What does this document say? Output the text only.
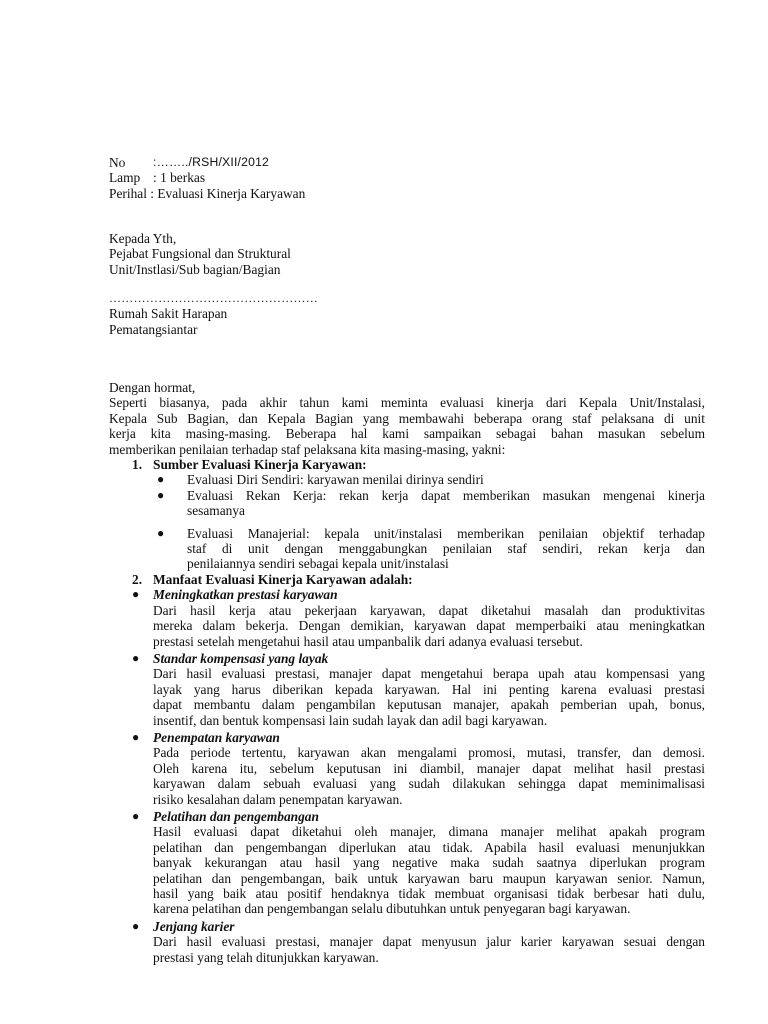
No	:……../RSH/XII/2012
Lamp : 1 berkas
Perihal : Evaluasi Kinerja Karyawan
Kepada Yth,
Pejabat Fungsional dan Struktural
Unit/Instlasi/Sub bagian/Bagian
……………………………………………
Rumah Sakit Harapan
Pematangsiantar
Dengan hormat,
Seperti biasanya, pada akhir tahun kami meminta evaluasi kinerja dari Kepala Unit/Instalasi,
Kepala Sub Bagian, dan Kepala Bagian yang membawahi beberapa orang staf pelaksana di unit
kerja kita masing-masing. Beberapa hal kami sampaikan sebagai bahan masukan sebelum
memberikan penilaian terhadap staf pelaksana kita masing-masing, yakni:
1. Sumber Evaluasi Kinerja Karyawan:
● Evaluasi Diri Sendiri: karyawan menilai dirinya sendiri
● Evaluasi Rekan Kerja: rekan kerja dapat memberikan masukan mengenai kinerja
sesamanya
● Evaluasi Manajerial: kepala unit/instalasi memberikan penilaian objektif terhadap
staf di unit dengan menggabungkan penilaian staf sendiri, rekan kerja dan
penilaiannya sendiri sebagai kepala unit/instalasi
2. Manfaat Evaluasi Kinerja Karyawan adalah:
● Meningkatkan prestasi karyawan
Dari hasil kerja atau pekerjaan karyawan, dapat diketahui masalah dan produktivitas
mereka dalam bekerja. Dengan demikian, karyawan dapat memperbaiki atau meningkatkan
prestasi setelah mengetahui hasil atau umpanbalik dari adanya evaluasi tersebut.
● Standar kompensasi yang layak
Dari hasil evaluasi prestasi, manajer dapat mengetahui berapa upah atau kompensasi yang
layak yang harus diberikan kepada karyawan. Hal ini penting karena evaluasi prestasi
dapat membantu dalam pengambilan keputusan manajer, apakah pemberian upah, bonus,
insentif, dan bentuk kompensasi lain sudah layak dan adil bagi karyawan.
● Penempatan karyawan
Pada periode tertentu, karyawan akan mengalami promosi, mutasi, transfer, dan demosi.
Oleh karena itu, sebelum keputusan ini diambil, manajer dapat melihat hasil prestasi
karyawan dalam sebuah evaluasi yang sudah dilakukan sehingga dapat meminimalisasi
risiko kesalahan dalam penempatan karyawan.
● Pelatihan dan pengembangan
Hasil evaluasi dapat diketahui oleh manajer, dimana manajer melihat apakah program
pelatihan dan pengembangan diperlukan atau tidak. Apabila hasil evaluasi menunjukkan
banyak kekurangan atau hasil yang negative maka sudah saatnya diperlukan program
pelatihan dan pengembangan, baik untuk karyawan baru maupun karyawan senior. Namun,
hasil yang baik atau positif hendaknya tidak membuat organisasi tidak berbesar hati dulu,
karena pelatihan dan pengembangan selalu dibutuhkan untuk penyegaran bagi karyawan.
● Jenjang karier
Dari hasil evaluasi prestasi, manajer dapat menyusun jalur karier karyawan sesuai dengan
prestasi yang telah ditunjukkan karyawan.
